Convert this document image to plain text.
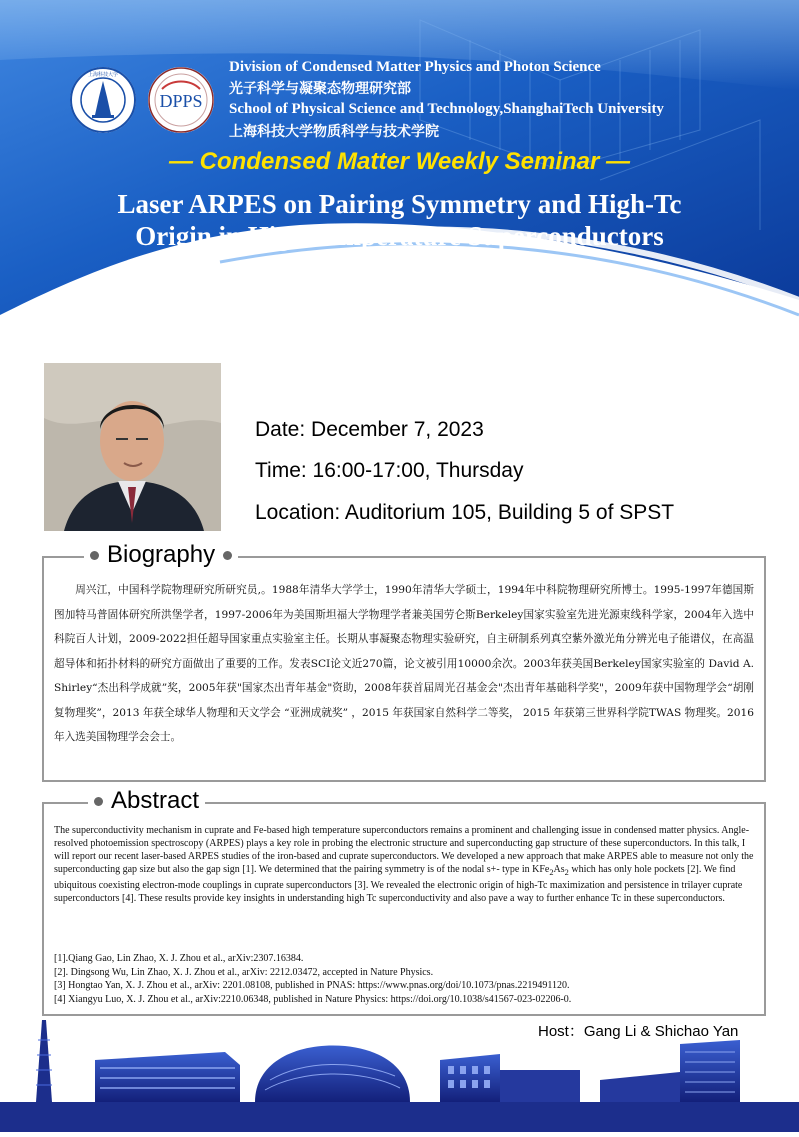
上海科技大学
DPPS
Division of Condensed Matter Physics and Photon Science
光子科学与凝聚态物理研究部
School of Physical Science and Technology,ShanghaiTech University
上海科技大学物质科学与技术学院
— Condensed Matter Weekly Seminar —
Laser ARPES on Pairing Symmetry and High-Tc
Origin in High Temperature Superconductors
周兴江
(XJZhou@iphy.ac.cn)
Institute of Physics, Chinese Academy of Sciences
Date: December 7, 2023
Time: 16:00-17:00, Thursday
Location: Auditorium 105, Building 5 of SPST
Biography
周兴江，中国科学院物理研究所研究员,。1988年清华大学学士，1990年清华大学硕士，1994年中科院物理研究所博士。1995-1997年德国斯图加特马普固体研究所洪堡学者，1997-2006年为美国斯坦福大学物理学者兼美国劳仑斯Berkeley国家实验室先进光源束线科学家，2004年入选中科院百人计划，2009-2022担任超导国家重点实验室主任。长期从事凝聚态物理实验研究，自主研制系列真空紫外激光角分辨光电子能谱仪，在高温超导体和拓扑材料的研究方面做出了重要的工作。发表SCI论文近270篇，论文被引用10000余次。2003年获美国Berkeley国家实验室的 David A. Shirley“杰出科学成就”奖，2005年获"国家杰出青年基金"资助，2008年获首届周光召基金会"杰出青年基础科学奖"，2009年获中国物理学会“胡刚复物理奖”，2013 年获全球华人物理和天文学会 “亚洲成就奖” ，2015 年获国家自然科学二等奖， 2015 年获第三世界科学院TWAS 物理奖。2016 年入选美国物理学会会士。
Abstract
The superconductivity mechanism in cuprate and Fe-based high temperature superconductors remains a prominent and challenging issue in condensed matter physics. Angle-resolved photoemission spectroscopy (ARPES) plays a key role in probing the electronic structure and superconducting gap structure of these superconductors. In this talk, I will report our recent laser-based ARPES studies of the iron-based and cuprate superconductors. We developed a new approach that make ARPES able to measure not only the superconducting gap size but also the gap sign [1]. We determined that the pairing symmetry is of the nodal s+- type in $KFe_2As_2$ which has only hole pockets [2]. We find ubiquitous coexisting electron-mode couplings in cuprate superconductors [3]. We revealed the electronic origin of high-Tc maximization and persistence in trilayer cuprate superconductors [4]. These results provide key insights in understanding high Tc superconductivity and also pave a way to further enhance Tc in these superconductors.
[1].Qiang Gao, Lin Zhao, X. J. Zhou et al., arXiv:2307.16384.
[2]. Dingsong Wu, Lin Zhao, X. J. Zhou et al., arXiv: 2212.03472, accepted in Nature Physics.
[3] Hongtao Yan, X. J. Zhou et al., arXiv: 2201.08108, published in PNAS: https://www.pnas.org/doi/10.1073/pnas.2219491120.
[4] Xiangyu Luo, X. J. Zhou et al., arXiv:2210.06348, published in Nature Physics: https://doi.org/10.1038/s41567-023-02206-0.
Host：Gang Li & Shichao Yan
